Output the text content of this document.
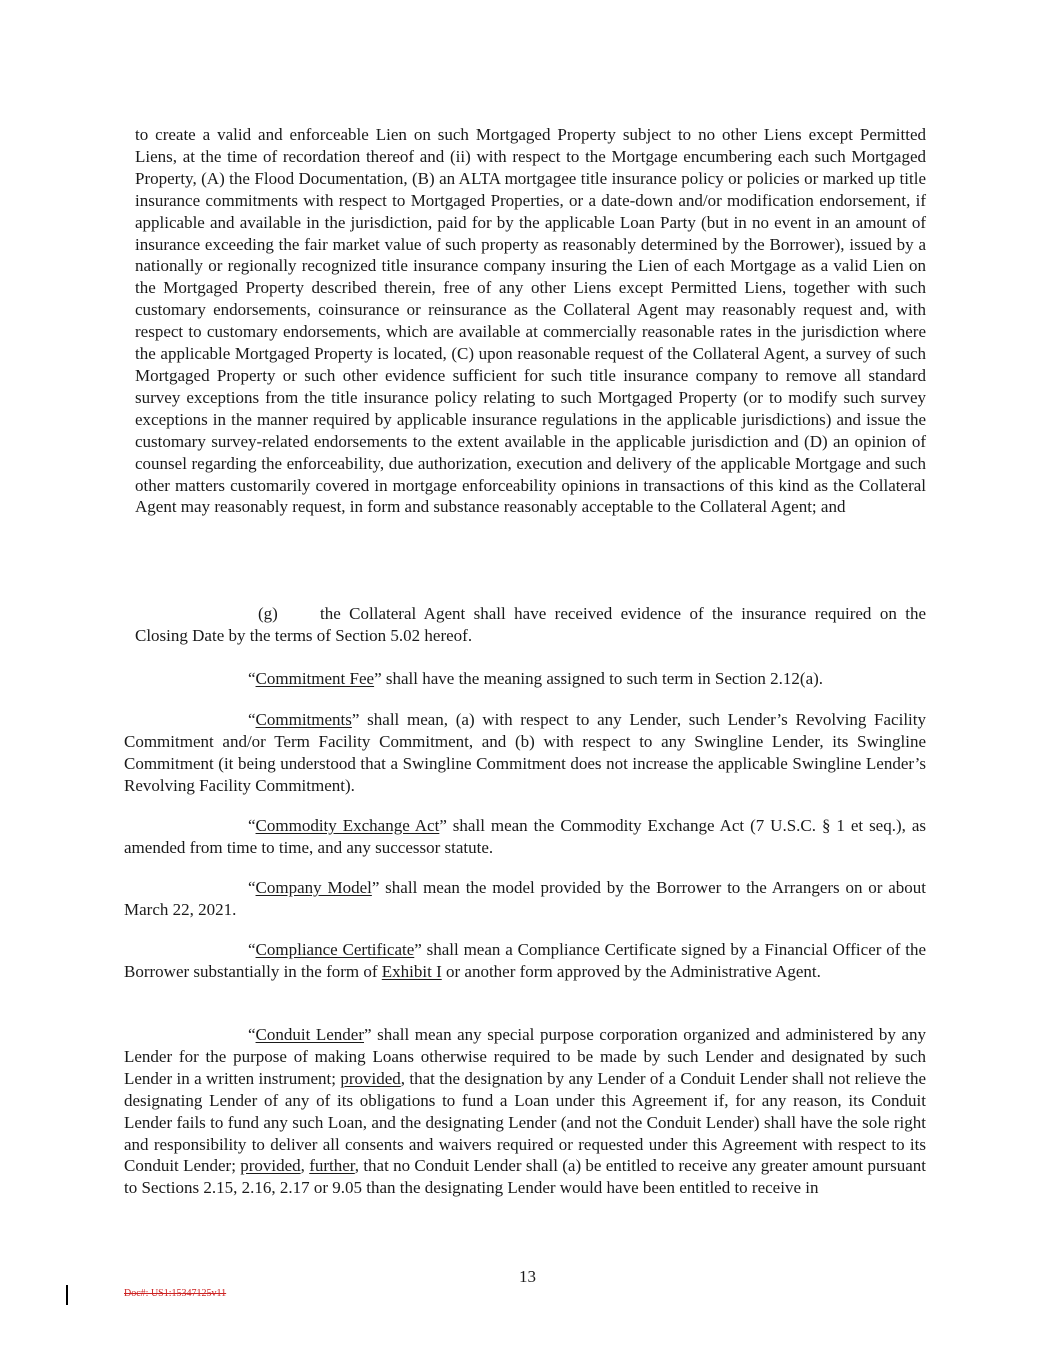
to create a valid and enforceable Lien on such Mortgaged Property subject to no other Liens except Permitted Liens, at the time of recordation thereof and (ii) with respect to the Mortgage encumbering each such Mortgaged Property, (A) the Flood Documentation, (B) an ALTA mortgagee title insurance policy or policies or marked up title insurance commitments with respect to Mortgaged Properties, or a date-down and/or modification endorsement, if applicable and available in the jurisdiction, paid for by the applicable Loan Party (but in no event in an amount of insurance exceeding the fair market value of such property as reasonably determined by the Borrower), issued by a nationally or regionally recognized title insurance company insuring the Lien of each Mortgage as a valid Lien on the Mortgaged Property described therein, free of any other Liens except Permitted Liens, together with such customary endorsements, coinsurance or reinsurance as the Collateral Agent may reasonably request and, with respect to customary endorsements, which are available at commercially reasonable rates in the jurisdiction where the applicable Mortgaged Property is located, (C) upon reasonable request of the Collateral Agent, a survey of such Mortgaged Property or such other evidence sufficient for such title insurance company to remove all standard survey exceptions from the title insurance policy relating to such Mortgaged Property (or to modify such survey exceptions in the manner required by applicable insurance regulations in the applicable jurisdictions) and issue the customary survey-related endorsements to the extent available in the applicable jurisdiction and (D) an opinion of counsel regarding the enforceability, due authorization, execution and delivery of the applicable Mortgage and such other matters customarily covered in mortgage enforceability opinions in transactions of this kind as the Collateral Agent may reasonably request, in form and substance reasonably acceptable to the Collateral Agent; and

(g) the Collateral Agent shall have received evidence of the insurance required on the Closing Date by the terms of Section 5.02 hereof.

“Commitment Fee” shall have the meaning assigned to such term in Section 2.12(a).

“Commitments” shall mean, (a) with respect to any Lender, such Lender’s Revolving Facility Commitment and/or Term Facility Commitment, and (b) with respect to any Swingline Lender, its Swingline Commitment (it being understood that a Swingline Commitment does not increase the applicable Swingline Lender’s Revolving Facility Commitment).

“Commodity Exchange Act” shall mean the Commodity Exchange Act (7 U.S.C. § 1 et seq.), as amended from time to time, and any successor statute.

“Company Model” shall mean the model provided by the Borrower to the Arrangers on or about March 22, 2021.

“Compliance Certificate” shall mean a Compliance Certificate signed by a Financial Officer of the Borrower substantially in the form of Exhibit I or another form approved by the Administrative Agent.

“Conduit Lender” shall mean any special purpose corporation organized and administered by any Lender for the purpose of making Loans otherwise required to be made by such Lender and designated by such Lender in a written instrument; provided, that the designation by any Lender of a Conduit Lender shall not relieve the designating Lender of any of its obligations to fund a Loan under this Agreement if, for any reason, its Conduit Lender fails to fund any such Loan, and the designating Lender (and not the Conduit Lender) shall have the sole right and responsibility to deliver all consents and waivers required or requested under this Agreement with respect to its Conduit Lender; provided, further, that no Conduit Lender shall (a) be entitled to receive any greater amount pursuant to Sections 2.15, 2.16, 2.17 or 9.05 than the designating Lender would have been entitled to receive in

13
Doc#: US1:15347125v11
